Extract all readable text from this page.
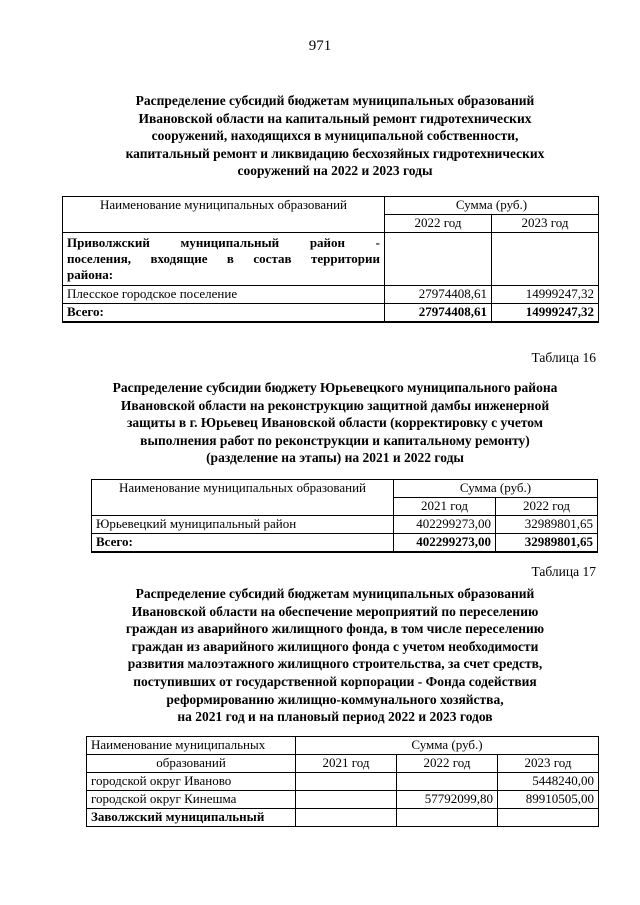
971
Распределение субсидий бюджетам муниципальных образований
Ивановской области на капитальный ремонт гидротехнических
сооружений, находящихся в муниципальной собственности,
капитальный ремонт и ликвидацию бесхозяйных гидротехнических
сооружений на 2022 и 2023 годы
Наименование муниципальных образований	Сумма (руб.)	
	2022 год	2023 год

Приволжский муниципальный район -
поселения, входящие в состав территории
района:		

Плесское городское поселение	27974408,61	14999247,32
Всего:	27974408,61	14999247,32
Таблица 16
Распределение субсидии бюджету Юрьевецкого муниципального района
Ивановской области на реконструкцию защитной дамбы инженерной
защиты в г. Юрьевец Ивановской области (корректировку с учетом
выполнения работ по реконструкции и капитальному ремонту)
(разделение на этапы) на 2021 и 2022 годы
Наименование муниципальных образований	Сумма (руб.)	
	2021 год	2022 год
Юрьевецкий муниципальный район	402299273,00	32989801,65
Всего:	402299273,00	32989801,65
Таблица 17
Распределение субсидий бюджетам муниципальных образований
Ивановской области на обеспечение мероприятий по переселению
граждан из аварийного жилищного фонда, в том числе переселению
граждан из аварийного жилищного фонда с учетом необходимости
развития малоэтажного жилищного строительства, за счет средств,
поступивших от государственной корпорации - Фонда содействия
реформированию жилищно-коммунального хозяйства,
на 2021 год и на плановый период 2022 и 2023 годов
Наименование муниципальных	Сумма (руб.)		
образований	2021 год	2022 год	2023 год
городской округ Иваново			5448240,00
городской округ Кинешма		57792099,80	89910505,00
Заволжский муниципальный			
